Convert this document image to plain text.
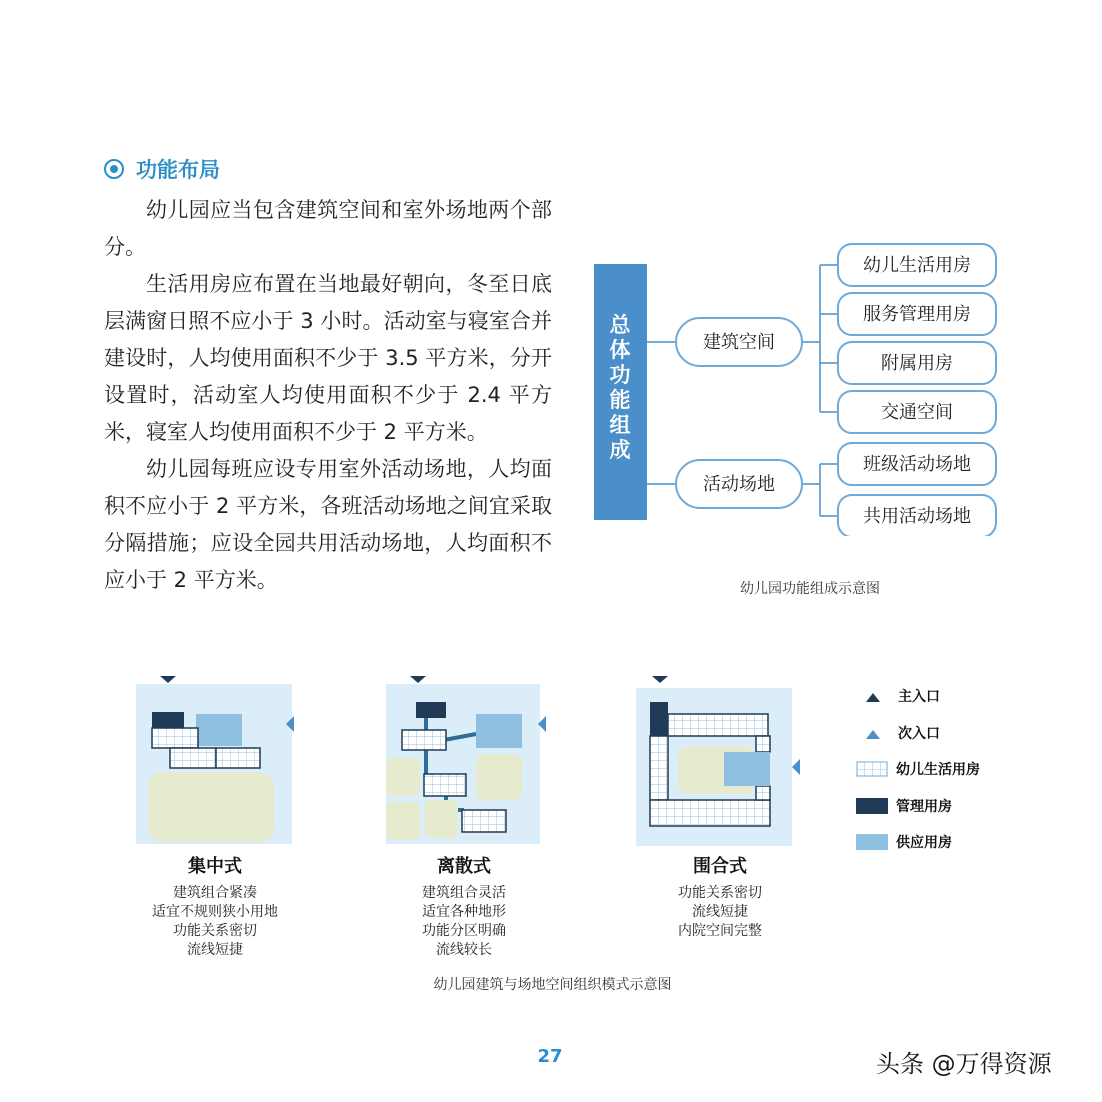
功能布局

幼儿园应当包含建筑空间和室外场地两个部分。

生活用房应布置在当地最好朝向，冬至日底层满窗日照不应小于 3 小时。活动室与寝室合并建设时，人均使用面积不少于 3.5 平方米，分开设置时，活动室人均使用面积不少于 2.4 平方米，寝室人均使用面积不少于 2 平方米。

幼儿园每班应设专用室外活动场地，人均面积不应小于 2 平方米，各班活动场地之间宜采取分隔措施；应设全园共用活动场地，人均面积不应小于 2 平方米。

总
体
功
能
组
成
建筑空间
活动场地
幼儿生活用房
服务管理用房
附属用房
交通空间
班级活动场地
共用活动场地
幼儿园功能组成示意图
集中式
建筑组合紧凑
适宜不规则狭小用地
功能关系密切
流线短捷
离散式
建筑组合灵活
适宜各种地形
功能分区明确
流线较长
围合式
功能关系密切
流线短捷
内院空间完整
主入口
次入口
幼儿生活用房
管理用房
供应用房
幼儿园建筑与场地空间组织模式示意图
27	头条 @万得资源
